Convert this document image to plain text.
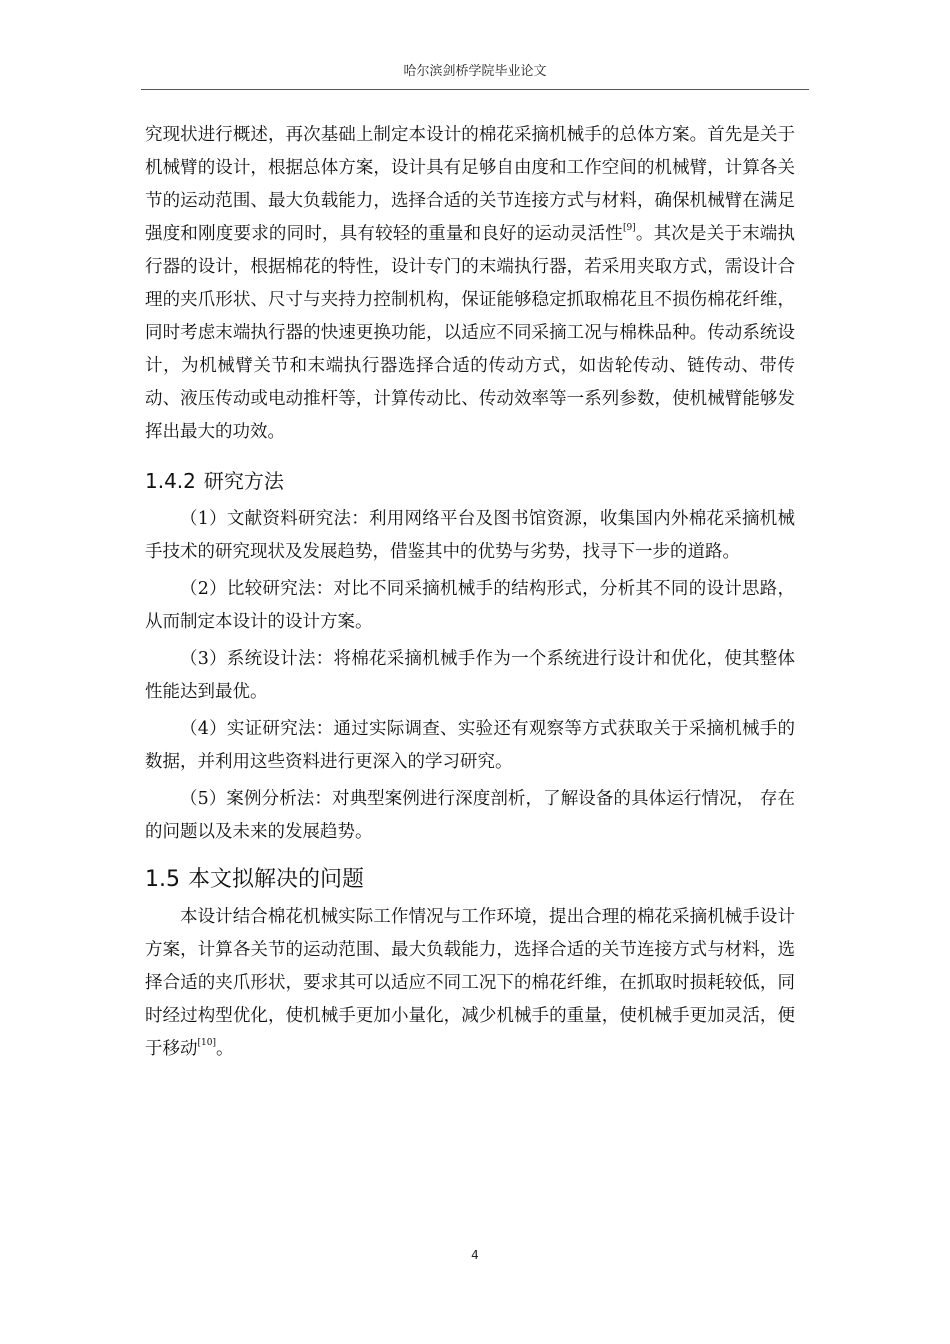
哈尔滨剑桥学院毕业论文

究现状进行概述，再次基础上制定本设计的棉花采摘机械手的总体方案。首先是关于机械臂的设计，根据总体方案，设计具有足够自由度和工作空间的机械臂，计算各关节的运动范围、最大负载能力，选择合适的关节连接方式与材料，确保机械臂在满足强度和刚度要求的同时，具有较轻的重量和良好的运动灵活性[9]。其次是关于末端执行器的设计，根据棉花的特性，设计专门的末端执行器，若采用夹取方式，需设计合理的夹爪形状、尺寸与夹持力控制机构，保证能够稳定抓取棉花且不损伤棉花纤维，同时考虑末端执行器的快速更换功能，以适应不同采摘工况与棉株品种。传动系统设计，为机械臂关节和末端执行器选择合适的传动方式，如齿轮传动、链传动、带传动、液压传动或电动推杆等，计算传动比、传动效率等一系列参数，使机械臂能够发挥出最大的功效。

1.4.2 研究方法

（1）文献资料研究法：利用网络平台及图书馆资源，收集国内外棉花采摘机械手技术的研究现状及发展趋势，借鉴其中的优势与劣势，找寻下一步的道路。

（2）比较研究法：对比不同采摘机械手的结构形式，分析其不同的设计思路，从而制定本设计的设计方案。

（3）系统设计法：将棉花采摘机械手作为一个系统进行设计和优化，使其整体性能达到最优。

（4）实证研究法：通过实际调查、实验还有观察等方式获取关于采摘机械手的数据，并利用这些资料进行更深入的学习研究。

（5）案例分析法：对典型案例进行深度剖析，了解设备的具体运行情况， 存在的问题以及未来的发展趋势。

1.5 本文拟解决的问题

本设计结合棉花机械实际工作情况与工作环境，提出合理的棉花采摘机械手设计方案，计算各关节的运动范围、最大负载能力，选择合适的关节连接方式与材料，选择合适的夹爪形状，要求其可以适应不同工况下的棉花纤维，在抓取时损耗较低，同时经过构型优化，使机械手更加小量化，减少机械手的重量，使机械手更加灵活，便于移动[10]。

4
